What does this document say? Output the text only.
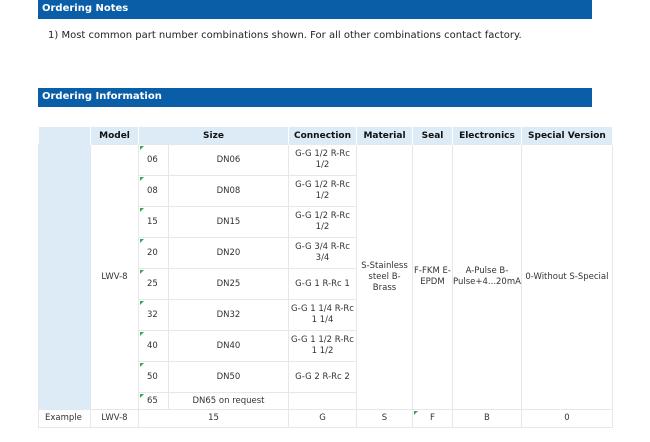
Ordering Notes
1) Most common part number combinations shown. For all other combinations contact factory.
Ordering Information
	Model	Size		Connection	Material	Seal	Electronics	Special Version
	LWV-8	06	DN06	G-G 1/2 R-Rc 1/2	S-Stainless steel B-Brass	F-FKM E-EPDM	A-Pulse B-Pulse+4...20mA	0-Without S-Special
		08	DN08	G-G 1/2 R-Rc 1/2				
		15	DN15	G-G 1/2 R-Rc 1/2				
		20	DN20	G-G 3/4 R-Rc 3/4				
		25	DN25	G-G 1 R-Rc 1				
		32	DN32	G-G 1 1/4 R-Rc 1 1/4				
		40	DN40	G-G 1 1/2 R-Rc 1 1/2				
		50	DN50	G-G 2 R-Rc 2				
		65	DN65 on request					
Example	LWV-8	15		G	S	F	B	0
